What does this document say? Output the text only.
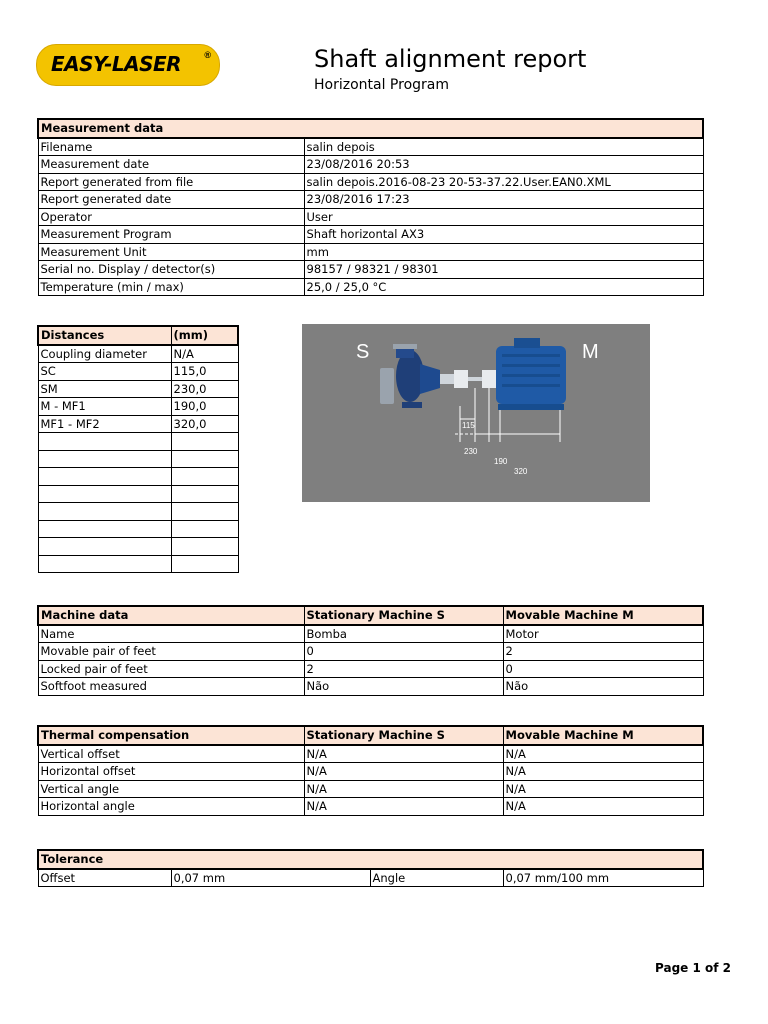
EASY-LASER	®	Shaft alignment report
Horizontal Program
Measurement data	
Filename	salin depois
Measurement date	23/08/2016 20:53
Report generated from file	salin depois.2016-08-23 20-53-37.22.User.EAN0.XML
Report generated date	23/08/2016 17:23
Operator	User
Measurement Program	Shaft horizontal AX3
Measurement Unit	mm
Serial no. Display / detector(s)	98157 / 98321 / 98301
Temperature (min / max)	25,0 / 25,0 °C
Distances	(mm)
Coupling diameter	N/A
SC	115,0
SM	230,0
M - MF1	190,0
MF1 - MF2	320,0

S	M
115
230
190
320
Machine data	Stationary Machine S	Movable Machine M
Name	Bomba	Motor
Movable pair of feet	0	2
Locked pair of feet	2	0
Softfoot measured	Não	Não
Thermal compensation	Stationary Machine S	Movable Machine M
Vertical offset	N/A	N/A
Horizontal offset	N/A	N/A
Vertical angle	N/A	N/A
Horizontal angle	N/A	N/A
Tolerance
Offset	0,07 mm	Angle	0,07 mm/100 mm
Page 1 of 2
